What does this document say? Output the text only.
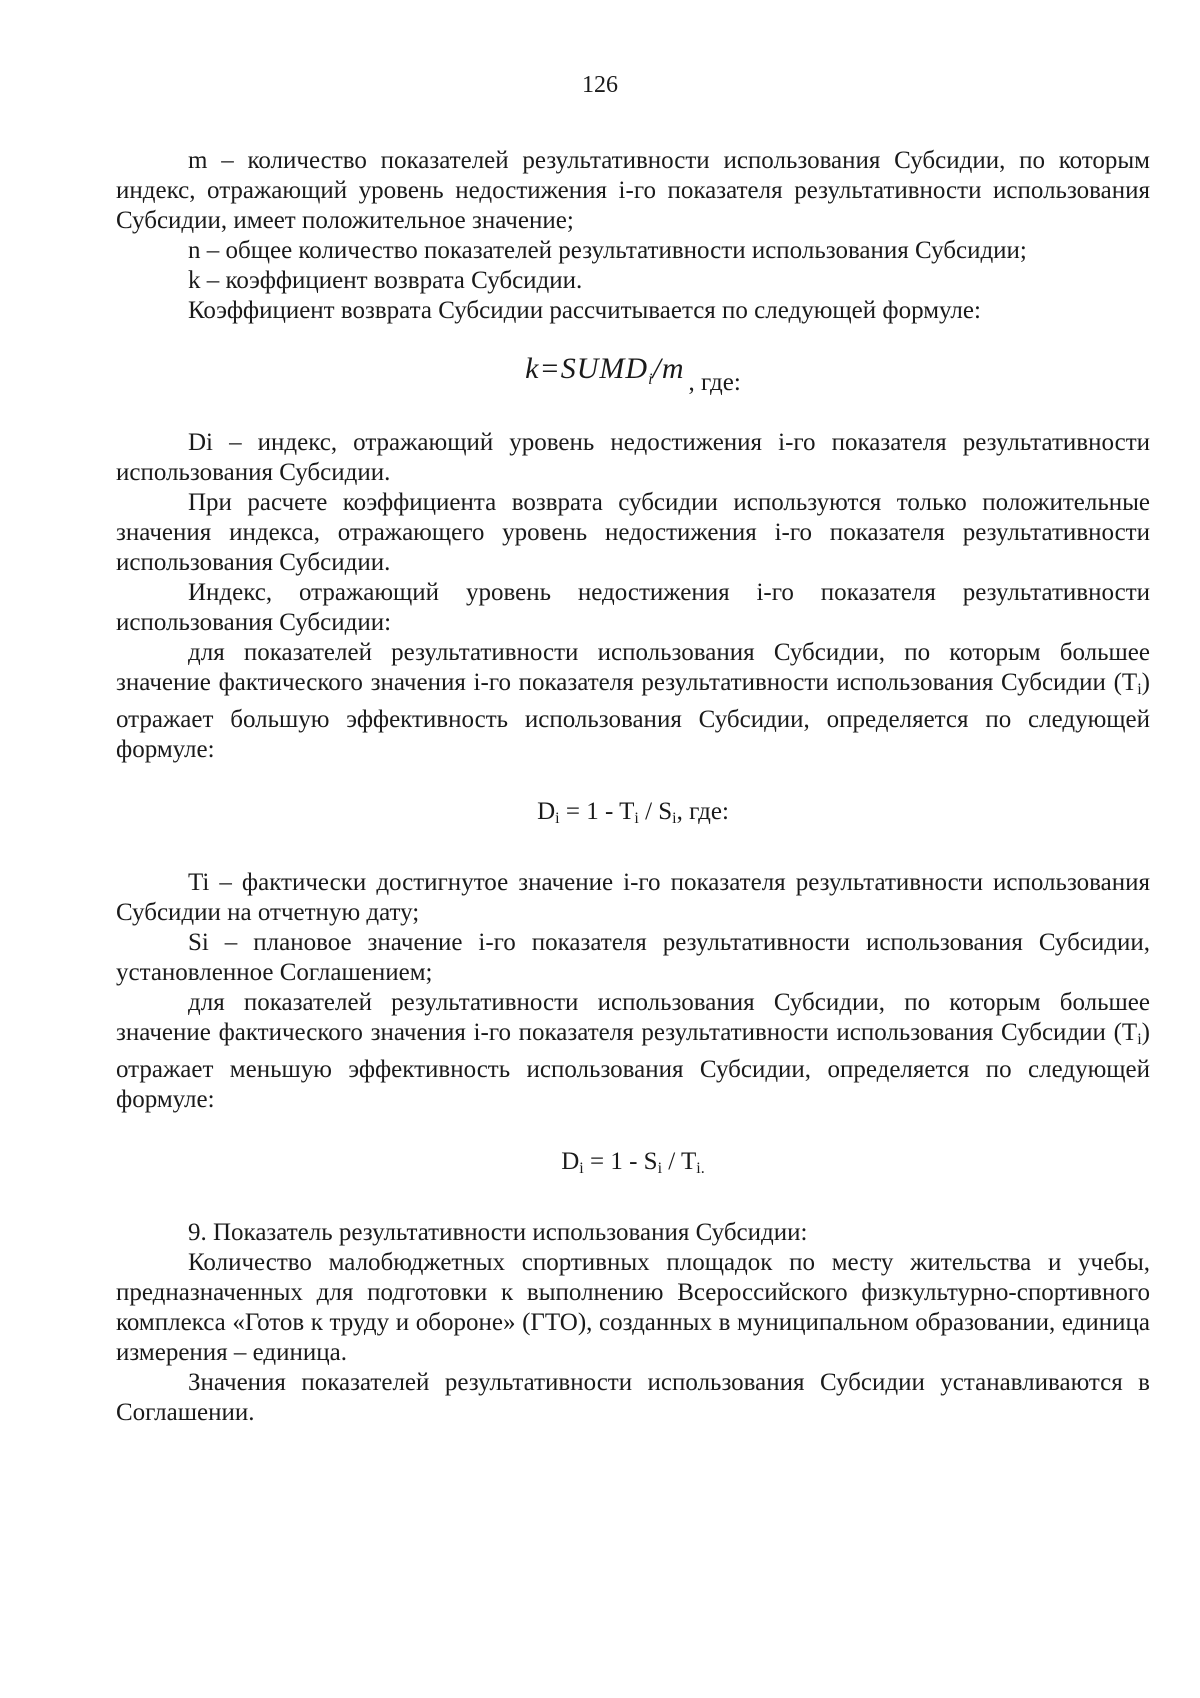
126

m – количество показателей результативности использования Субсидии, по которым индекс, отражающий уровень недостижения i-го показателя результативности использования Субсидии, имеет положительное значение;

n – общее количество показателей результативности использования Субсидии;

k – коэффициент возврата Субсидии.

Коэффициент возврата Субсидии рассчитывается по следующей формуле:

$k=SUMD_i/m$ , где:

Di – индекс, отражающий уровень недостижения i-го показателя результативности использования Субсидии.

При расчете коэффициента возврата субсидии используются только положительные значения индекса, отражающего уровень недостижения i-го показателя результативности использования Субсидии.

Индекс, отражающий уровень недостижения i-го показателя результативности использования Субсидии:

для показателей результативности использования Субсидии, по которым большее значение фактического значения i-го показателя результативности использования Субсидии (Ti) отражает большую эффективность использования Субсидии, определяется по следующей формуле:

$D_i = 1 - T_i / S_i$, где:

Ti – фактически достигнутое значение i-го показателя результативности использования Субсидии на отчетную дату;

Si – плановое значение i-го показателя результативности использования Субсидии, установленное Соглашением;

для показателей результативности использования Субсидии, по которым большее значение фактического значения i-го показателя результативности использования Субсидии (Ti) отражает меньшую эффективность использования Субсидии, определяется по следующей формуле:

$D_i = 1 - S_i / T_{i.}$

9. Показатель результативности использования Субсидии:

Количество малобюджетных спортивных площадок по месту жительства и учебы, предназначенных для подготовки к выполнению Всероссийского физкультурно-спортивного комплекса «Готов к труду и обороне» (ГТО), созданных в муниципальном образовании, единица измерения – единица.

Значения показателей результативности использования Субсидии устанавливаются в Соглашении.
